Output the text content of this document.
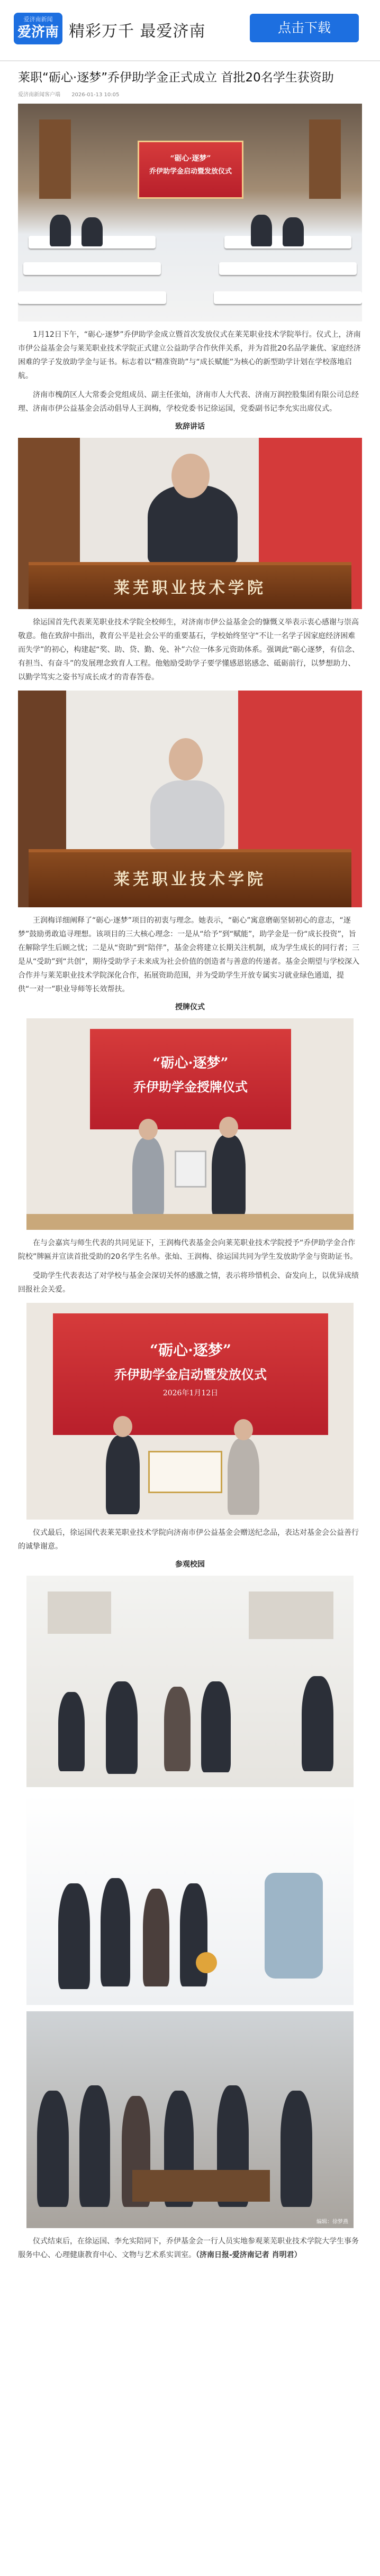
爱济南新闻
爱济南 精彩万千 最爱济南	点击下载
莱职“砺心·逐梦”乔伊助学金正式成立 首批20名学生获资助
爱济南新闻客户端 2026-01-13 10:05
“砺心·逐梦”
乔伊助学金启动暨发放仪式

1月12日下午，“砺心·逐梦”乔伊助学金成立暨首次发放仪式在莱芜职业技术学院举行。仪式上，济南市伊公益基金会与莱芜职业技术学院正式建立公益助学合作伙伴关系，并为首批20名品学兼优、家庭经济困难的学子发放助学金与证书。标志着以“精准资助”与“成长赋能”为核心的新型助学计划在学校落地启航。

济南市槐荫区人大常委会党组成员、副主任张灿，济南市人大代表、济南万润控股集团有限公司总经理、济南市伊公益基金会活动倡导人王润梅，学校党委书记徐运国，党委副书记李允实出席仪式。

致辞讲话
莱芜职业技术学院

徐运国首先代表莱芜职业技术学院全校师生，对济南市伊公益基金会的慷慨义举表示衷心感谢与崇高敬意。他在致辞中指出，教育公平是社会公平的重要基石，学校始终坚守“不让一名学子因家庭经济困难而失学”的初心，构建起“奖、助、贷、勤、免、补”六位一体多元资助体系。强调此“砺心逐梦，有信念、有担当、有奋斗”的发展理念致育人工程。他勉励受助学子要学懂感恩铭感念、砥砺前行，以梦想助力、以勤学笃实之姿书写成长成才的青春答卷。

莱芜职业技术学院

王润梅详细阐释了“砺心·逐梦”项目的初衷与理念。她表示，“砺心”寓意磨砺坚韧初心的意志，“逐梦”鼓励勇敢追寻理想。该项目的三大核心理念：一是从“给予”到“赋能”，助学金是一份“成长投资”，旨在解除学生后顾之忧；二是从“资助”到“陪伴”，基金会将建立长期关注机制，成为学生成长的同行者；三是从“受助”到“共创”，期待受助学子未来成为社会价值的创造者与善意的传递者。基金会期望与学校深入合作并与莱芜职业技术学院深化合作，拓展资助范围，并为受助学生开放专属实习就业绿色通道，提供“一对一”职业导师等长效帮扶。

授牌仪式
“砺心·逐梦”
乔伊助学金授牌仪式

在与会嘉宾与师生代表的共同见证下，王润梅代表基金会向莱芜职业技术学院授予“乔伊助学金合作院校”牌匾并宣读首批受助的20名学生名单。张灿、王润梅、徐运国共同为学生发放助学金与资助证书。

受助学生代表表达了对学校与基金会深切关怀的感激之情，表示将珍惜机会、奋发向上，以优异成绩回报社会关爱。

“砺心·逐梦”
乔伊助学金启动暨发放仪式
2026年1月12日

仪式最后，徐运国代表莱芜职业技术学院向济南市伊公益基金会赠送纪念品，表达对基金会公益善行的诚挚谢意。

参观校园
编辑：徐梦燕

仪式结束后，在徐运国、李允实陪同下，乔伊基金会一行人员实地参观莱芜职业技术学院大学生事务服务中心、心理健康教育中心、文物与艺术系实训室。（济南日报-爱济南记者 肖明君）
